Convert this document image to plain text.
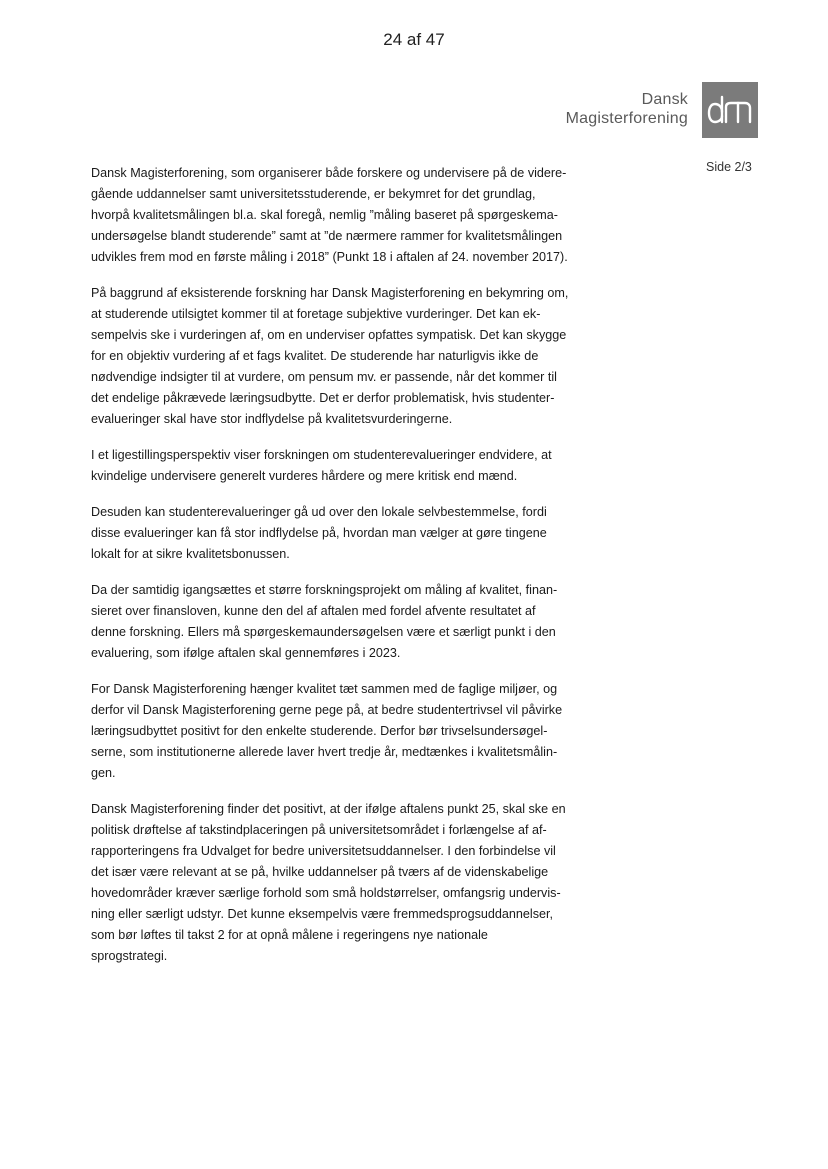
24 af 47
Dansk
Magisterforening
Side 2/3

Dansk Magisterforening, som organiserer både forskere og undervisere på de videre-
gående uddannelser samt universitetsstuderende, er bekymret for det grundlag,
hvorpå kvalitetsmålingen bl.a. skal foregå, nemlig ”måling baseret på spørgeskema-
undersøgelse blandt studerende” samt at ”de nærmere rammer for kvalitetsmålingen
udvikles frem mod en første måling i 2018” (Punkt 18 i aftalen af 24. november 2017).

På baggrund af eksisterende forskning har Dansk Magisterforening en bekymring om,
at studerende utilsigtet kommer til at foretage subjektive vurderinger. Det kan ek-
sempelvis ske i vurderingen af, om en underviser opfattes sympatisk. Det kan skygge
for en objektiv vurdering af et fags kvalitet. De studerende har naturligvis ikke de
nødvendige indsigter til at vurdere, om pensum mv. er passende, når det kommer til
det endelige påkrævede læringsudbytte. Det er derfor problematisk, hvis studenter-
evalueringer skal have stor indflydelse på kvalitetsvurderingerne.

I et ligestillingsperspektiv viser forskningen om studenterevalueringer endvidere, at
kvindelige undervisere generelt vurderes hårdere og mere kritisk end mænd.

Desuden kan studenterevalueringer gå ud over den lokale selvbestemmelse, fordi
disse evalueringer kan få stor indflydelse på, hvordan man vælger at gøre tingene
lokalt for at sikre kvalitetsbonussen.

Da der samtidig igangsættes et større forskningsprojekt om måling af kvalitet, finan-
sieret over finansloven, kunne den del af aftalen med fordel afvente resultatet af
denne forskning. Ellers må spørgeskemaundersøgelsen være et særligt punkt i den
evaluering, som ifølge aftalen skal gennemføres i 2023.

For Dansk Magisterforening hænger kvalitet tæt sammen med de faglige miljøer, og
derfor vil Dansk Magisterforening gerne pege på, at bedre studentertrivsel vil påvirke
læringsudbyttet positivt for den enkelte studerende. Derfor bør trivselsundersøgel-
serne, som institutionerne allerede laver hvert tredje år, medtænkes i kvalitetsmålin-
gen.

Dansk Magisterforening finder det positivt, at der ifølge aftalens punkt 25, skal ske en
politisk drøftelse af takstindplaceringen på universitetsområdet i forlængelse af af-
rapporteringens fra Udvalget for bedre universitetsuddannelser. I den forbindelse vil
det især være relevant at se på, hvilke uddannelser på tværs af de videnskabelige
hovedområder kræver særlige forhold som små holdstørrelser, omfangsrig undervis-
ning eller særligt udstyr. Det kunne eksempelvis være fremmedsprogsuddannelser,
som bør løftes til takst 2 for at opnå målene i regeringens nye nationale
sprogstrategi.
